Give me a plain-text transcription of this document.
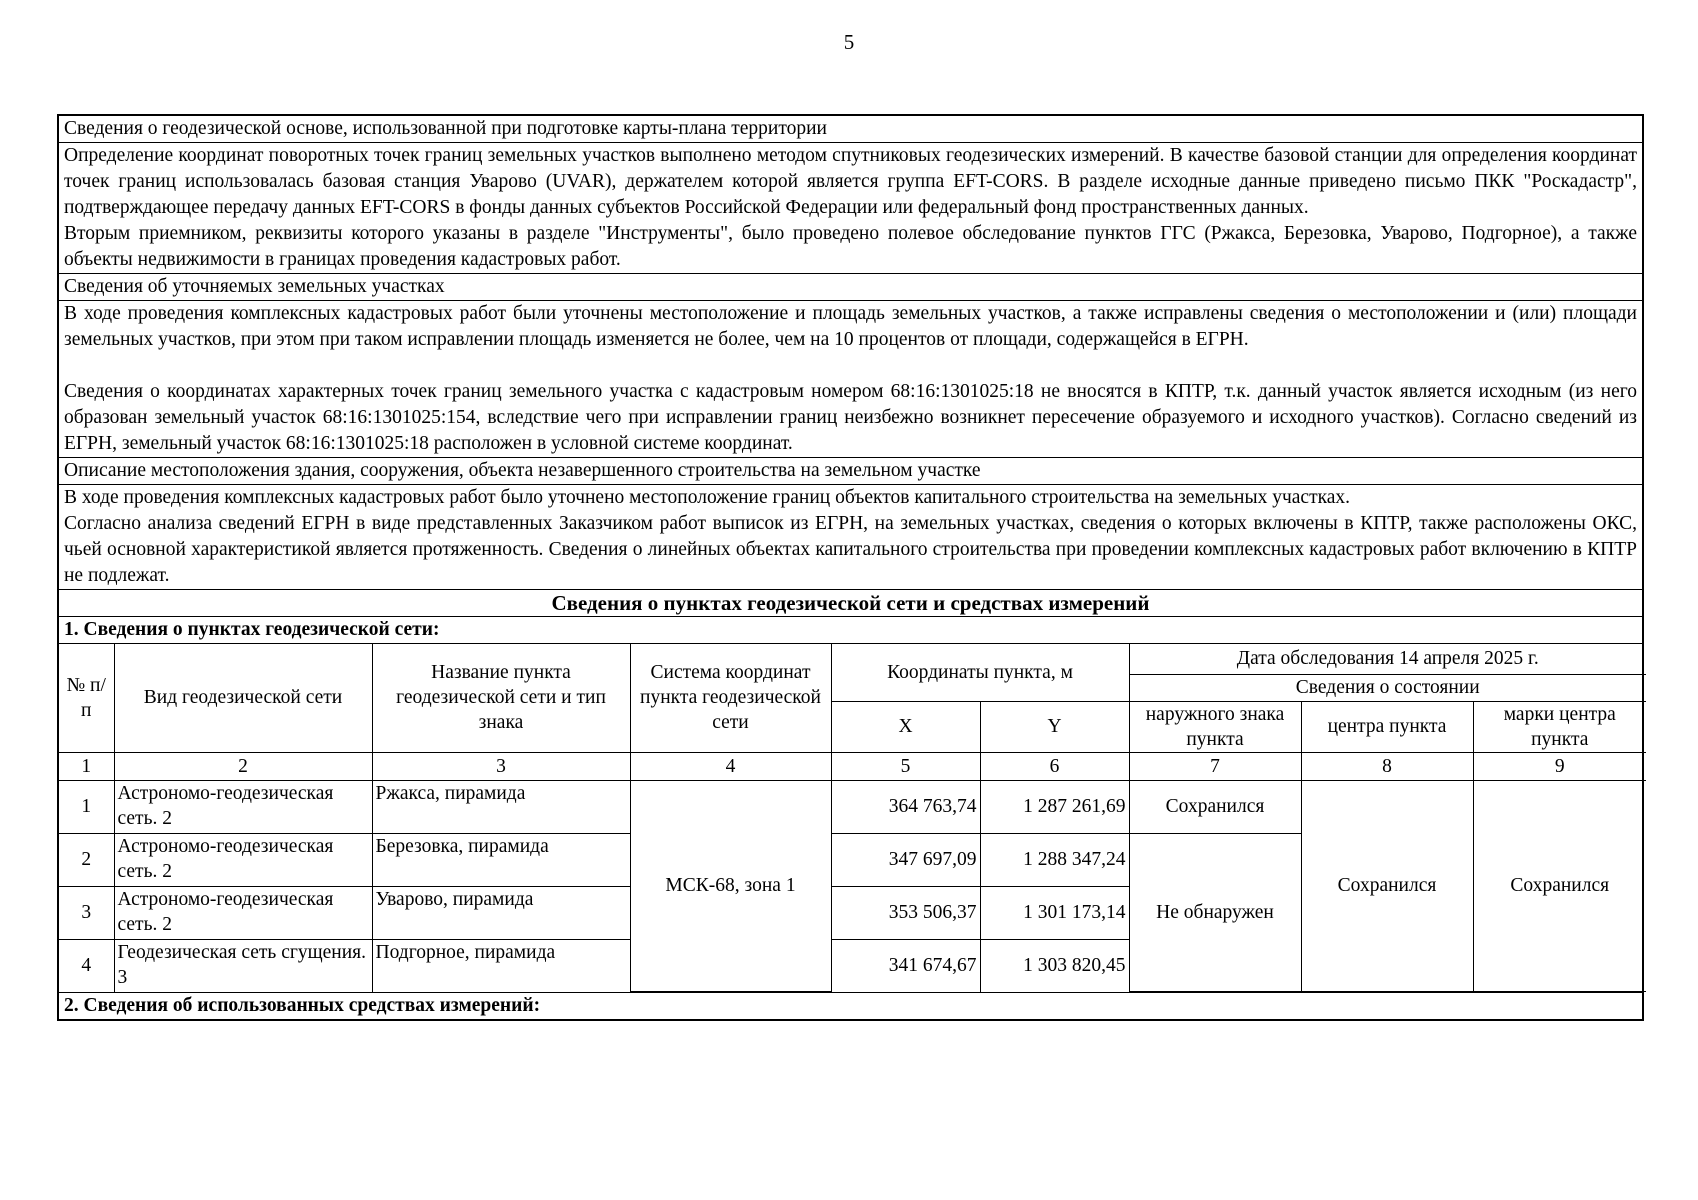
5
Сведения о геодезической основе, использованной при подготовке карты-плана территории

Определение координат поворотных точек границ земельных участков выполнено методом спутниковых геодезических измерений. В качестве базовой станции для определения координат точек границ использовалась базовая станция Уварово (UVAR), держателем которой является группа EFT-CORS. В разделе исходные данные приведено письмо ПКК "Роскадастр", подтверждающее передачу данных EFT-CORS в фонды данных субъектов Российской Федерации или федеральный фонд пространственных данных.

Вторым приемником, реквизиты которого указаны в разделе "Инструменты", было проведено полевое обследование пунктов ГГС (Ржакса, Березовка, Уварово, Подгорное), а также объекты недвижимости в границах проведения кадастровых работ.

Сведения об уточняемых земельных участках

В ходе проведения комплексных кадастровых работ были уточнены местоположение и площадь земельных участков, а также исправлены сведения о местоположении и (или) площади земельных участков, при этом при таком исправлении площадь изменяется не более, чем на 10 процентов от площади, содержащейся в ЕГРН.

Сведения о координатах характерных точек границ земельного участка с кадастровым номером 68:16:1301025:18 не вносятся в КПТР, т.к. данный участок является исходным (из него образован земельный участок 68:16:1301025:154, вследствие чего при исправлении границ неизбежно возникнет пересечение образуемого и исходного участков). Согласно сведений из ЕГРН, земельный участок 68:16:1301025:18 расположен в условной системе координат.

Описание местоположения здания, сооружения, объекта незавершенного строительства на земельном участке

В ходе проведения комплексных кадастровых работ было уточнено местоположение границ объектов капитального строительства на земельных участках.

Согласно анализа сведений ЕГРН в виде представленных Заказчиком работ выписок из ЕГРН, на земельных участках, сведения о которых включены в КПТР, также расположены ОКС, чьей основной характеристикой является протяженность. Сведения о линейных объектах капитального строительства при проведении комплексных кадастровых работ включению в КПТР не подлежат.

Сведения о пунктах геодезической сети и средствах измерений
1. Сведения о пунктах геодезической сети:

№ п/п	Вид геодезической сети	Название пункта геодезической сети и тип знака	Система координат пункта геодезической сети	Координаты пункта, м	Дата обследования 14 апреля 2025 г.
Сведения о состоянии
X	Y	наружного знака пункта	центра пункта	марки центра пункта
1	2	3	4	5	6	7	8	9
1	Астрономо-геодезическая сеть. 2	Ржакса, пирамида	МСК-68, зона 1	364 763,74	1 287 261,69	Сохранился	Сохранился	Сохранился
2	Астрономо-геодезическая сеть. 2	Березовка, пирамида	347 697,09	1 288 347,24	Не обнаружен
3	Астрономо-геодезическая сеть. 2	Уварово, пирамида	353 506,37	1 301 173,14
4	Геодезическая сеть сгущения. 3	Подгорное, пирамида	341 674,67	1 303 820,45

2. Сведения об использованных средствах измерений:
